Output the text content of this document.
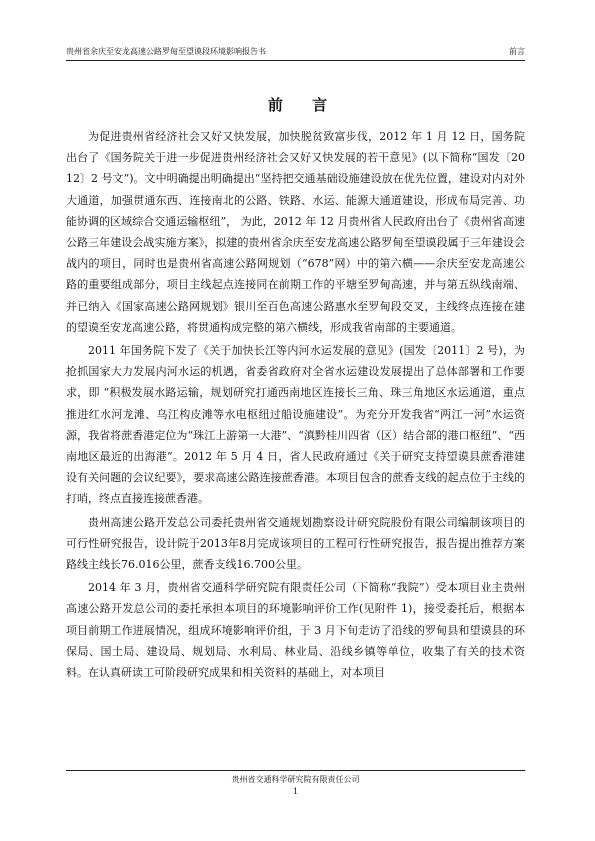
贵州省余庆至安龙高速公路罗甸至望谟段环境影响报告书	前言
前 言

为促进贵州省经济社会又好又快发展，加快脱贫致富步伐，2012 年 1 月 12 日，国务院出台了《国务院关于进一步促进贵州经济社会又好又快发展的若干意见》(以下简称“国发〔2012〕2 号文”)。文中明确提出明确提出“坚持把交通基础设施建设放在优先位置，建设对内对外大通道，加强贯通东西、连接南北的公路、铁路、水运、能源大通道建设，形成布局完善、功能协调的区域综合交通运输枢纽”， 为此，2012 年 12 月贵州省人民政府出台了《贵州省高速公路三年建设会战实施方案》，拟建的贵州省余庆至安龙高速公路罗甸至望谟段属于三年建设会战内的项目，同时也是贵州省高速公路网规划（“678”网）中的第六横——余庆至安龙高速公路的重要组成部分，项目主线起点连接同在前期工作的平塘至罗甸高速，并与第五纵线南端、并已纳入《国家高速公路网规划》银川至百色高速公路惠水至罗甸段交叉，主线终点连接在建的望谟至安龙高速公路，将贯通构成完整的第六横线，形成我省南部的主要通道。

2011 年国务院下发了《关于加快长江等内河水运发展的意见》(国发〔2011〕2 号)，为抢抓国家大力发展内河水运的机遇，省委省政府对全省水运建设发展提出了总体部署和工作要求，即 “积极发展水路运输，规划研究打通西南地区连接长三角、珠三角地区水运通道，重点推进红水河龙滩、乌江构皮滩等水电枢纽过船设施建设”。为充分开发我省“两江一河”水运资源，我省将蔗香港定位为“珠江上游第一大港”、“滇黔桂川四省（区）结合部的港口枢纽”、“西南地区最近的出海港”。2012 年 5 月 4 日，省人民政府通过《关于研究支持望谟县蔗香港建设有关问题的会议纪要》，要求高速公路连接蔗香港。本项目包含的蔗香支线的起点位于主线的打哨，终点直接连接蔗香港。

贵州高速公路开发总公司委托贵州省交通规划勘察设计研究院股份有限公司编制该项目的可行性研究报告，设计院于2013年8月完成该项目的工程可行性研究报告，报告提出推荐方案路线主线长76.016公里，蔗香支线16.700公里。

2014 年 3 月，贵州省交通科学研究院有限责任公司（下简称“我院”）受本项目业主贵州高速公路开发总公司的委托承担本项目的环境影响评价工作(见附件 1)，接受委托后，根据本项目前期工作进展情况，组成环境影响评价组，于 3 月下旬走访了沿线的罗甸县和望谟县的环保局、国土局、建设局、规划局、水利局、林业局、沿线乡镇等单位，收集了有关的技术资料。在认真研读工可阶段研究成果和相关资料的基础上，对本项目

贵州省交通科学研究院有限责任公司
1
